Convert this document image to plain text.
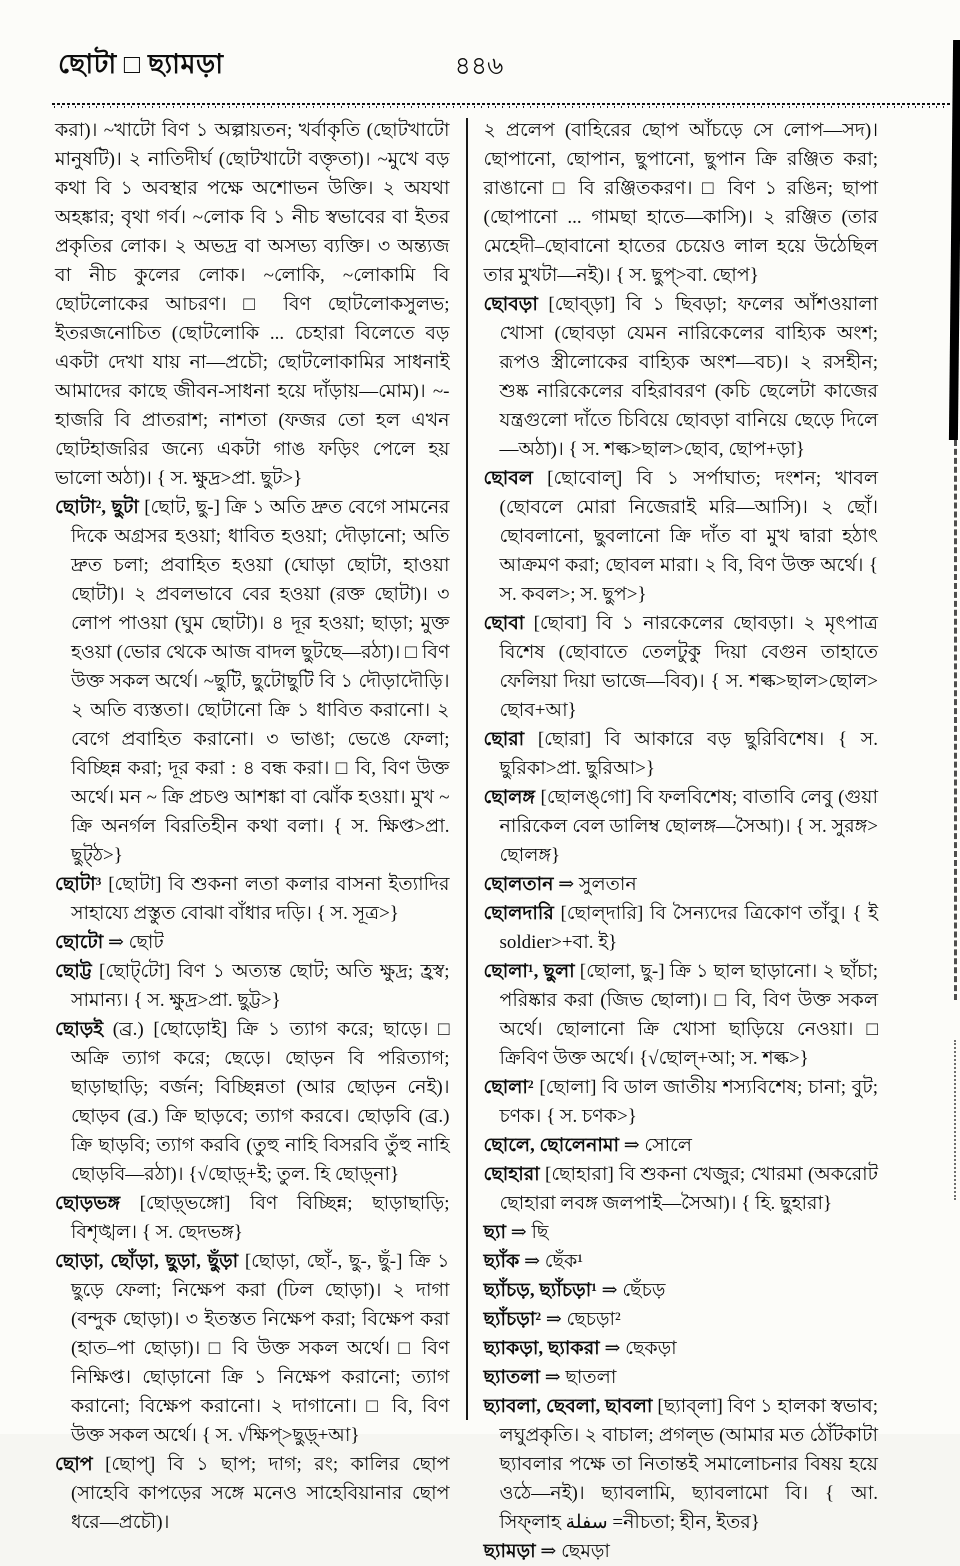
ছোটা □ ছ্যামড়া	৪৪৬

করা)। ~খাটো বিণ ১ অল্পায়তন; খর্বাকৃতি (ছোটখাটো মানুষটি)। ২ নাতিদীর্ঘ (ছোটখাটো বক্তৃতা)। ~মুখে বড় কথা বি ১ অবস্থার পক্ষে অশোভন উক্তি। ২ অযথা অহঙ্কার; বৃথা গর্ব। ~লোক বি ১ নীচ স্বভাবের বা ইতর প্রকৃতির লোক। ২ অভদ্র বা অসভ্য ব্যক্তি। ৩ অন্ত্যজ বা নীচ কুলের লোক। ~লোকি, ~লোকামি বি ছোটলোকের আচরণ। □ বিণ ছোটলোকসুলভ; ইতরজনোচিত (ছোটলোকি ... চেহারা বিলেতে বড় একটা দেখা যায় না—প্রচৌ; ছোটলোকামির সাধনাই আমাদের কাছে জীবন-সাধনা হয়ে দাঁড়ায়—মোম)। ~-হাজরি বি প্রাতরাশ; নাশতা (ফজর তো হল এখন ছোটহাজরির জন্যে একটা গাঙ ফড়িং পেলে হয় ভালো অঠা)। { স. ক্ষুদ্র>প্রা. ছুট>}

ছোটা², ছুটা [ছোট, ছু-] ক্রি ১ অতি দ্রুত বেগে সামনের দিকে অগ্রসর হওয়া; ধাবিত হওয়া; দৌড়ানো; অতি দ্রুত চলা; প্রবাহিত হওয়া (ঘোড়া ছোটা, হাওয়া ছোটা)। ২ প্রবলভাবে বের হওয়া (রক্ত ছোটা)। ৩ লোপ পাওয়া (ঘুম ছোটা)। ৪ দূর হওয়া; ছাড়া; মুক্ত হওয়া (ভোর থেকে আজ বাদল ছুটছে—রঠা)। □ বিণ উক্ত সকল অর্থে। ~ছুটি, ছুটোছুটি বি ১ দৌড়াদৌড়ি। ২ অতি ব্যস্ততা। ছোটানো ক্রি ১ ধাবিত করানো। ২ বেগে প্রবাহিত করানো। ৩ ভাঙা; ভেঙে ফেলা; বিচ্ছিন্ন করা; দূর করা : ৪ বন্ধ করা। □ বি, বিণ উক্ত অর্থে। মন ~ ক্রি প্রচণ্ড আশঙ্কা বা ঝোঁক হওয়া। মুখ ~ ক্রি অনর্গল বিরতিহীন কথা বলা। { স. ক্ষিপ্ত>প্রা. ছুট্ঠ>}

ছোটা³ [ছোটা] বি শুকনা লতা কলার বাসনা ইত্যাদির সাহায্যে প্রস্তুত বোঝা বাঁধার দড়ি। { স. সূত্র>}

ছোটো ⇒ ছোট

ছোট্ট [ছোট্‌টো] বিণ ১ অত্যন্ত ছোট; অতি ক্ষুদ্র; হ্রস্ব; সামান্য। { স. ক্ষুদ্র>প্রা. ছুট্ট>}

ছোড়ই (ব্র.) [ছোড়োই] ক্রি ১ ত্যাগ করে; ছাড়ে। □ অক্রি ত্যাগ করে; ছেড়ে। ছোড়ন বি পরিত্যাগ; ছাড়াছাড়ি; বর্জন; বিচ্ছিন্নতা (আর ছোড়ন নেই)। ছোড়ব (ব্র.) ক্রি ছাড়বে; ত্যাগ করবে। ছোড়বি (ব্র.) ক্রি ছাড়বি; ত্যাগ করবি (তুহু নাহি বিসরবি তুঁহু নাহি ছোড়বি—রঠা)। {√ছোড়্+ই; তুল. হি ছোড়্‌না}

ছোড়ভঙ্গ [ছোড়্‌ভঙ্গো] বিণ বিচ্ছিন্ন; ছাড়াছাড়ি; বিশৃঙ্খল। { স. ছেদভঙ্গ}

ছোড়া, ছোঁড়া, ছুড়া, ছুঁড়া [ছোড়া, ছোঁ-, ছু-, ছুঁ-] ক্রি ১ ছুড়ে ফেলা; নিক্ষেপ করা (ঢিল ছোড়া)। ২ দাগা (বন্দুক ছোড়া)। ৩ ইতস্তত নিক্ষেপ করা; বিক্ষেপ করা (হাত–পা ছোড়া)। □ বি উক্ত সকল অর্থে। □ বিণ নিক্ষিপ্ত। ছোড়ানো ক্রি ১ নিক্ষেপ করানো; ত্যাগ করানো; বিক্ষেপ করানো। ২ দাগানো। □ বি, বিণ উক্ত সকল অর্থে। { স. √ক্ষিপ্>ছুড়্+আ}

ছোপ [ছোপ্] বি ১ ছাপ; দাগ; রং; কালির ছোপ (সাহেবি কাপড়ের সঙ্গে মনেও সাহেবিয়ানার ছোপ ধরে—প্রচৌ)।

২ প্রলেপ (বাহিরের ছোপ আঁচড়ে সে লোপ—সদ)। ছোপানো, ছোপান, ছুপানো, ছুপান ক্রি রঞ্জিত করা; রাঙানো □ বি রঞ্জিতকরণ। □ বিণ ১ রঙিন; ছাপা (ছোপানো ... গামছা হাতে—কাসি)। ২ রঞ্জিত (তার মেহেদী–ছোবানো হাতের চেয়েও লাল হয়ে উঠেছিল তার মুখটা—নই)। { স. ছুপ্>বা. ছোপ}

ছোবড়া [ছোব্‌ড়া] বি ১ ছিবড়া; ফলের আঁশওয়ালা খোসা (ছোবড়া যেমন নারিকেলের বাহ্যিক অংশ; রূপও স্ত্রীলোকের বাহ্যিক অংশ—বচ)। ২ রসহীন; শুষ্ক নারিকেলের বহিরাবরণ (কচি ছেলেটা কাজের যন্ত্রগুলো দাঁতে চিবিয়ে ছোবড়া বানিয়ে ছেড়ে দিলে—অঠা)। { স. শল্ক>ছাল>ছোব, ছোপ+ড়া}

ছোবল [ছোবোল্] বি ১ সর্পাঘাত; দংশন; খাবল (ছোবলে মোরা নিজেরাই মরি—আসি)। ২ ছোঁ। ছোবলানো, ছুবলানো ক্রি দাঁত বা মুখ দ্বারা হঠাৎ আক্রমণ করা; ছোবল মারা। ২ বি, বিণ উক্ত অর্থে। { স. কবল>; স. ছুপ>}

ছোবা [ছোবা] বি ১ নারকেলের ছোবড়া। ২ মৃৎপাত্র বিশেষ (ছোবাতে তেলটুকু দিয়া বেগুন তাহাতে ফেলিয়া দিয়া ভাজে—বিব)। { স. শল্ক>ছাল>ছোল> ছোব+আ}

ছোরা [ছোরা] বি আকারে বড় ছুরিবিশেষ। { স. ছুরিকা>প্রা. ছুরিআ>}

ছোলঙ্গ [ছোলঙ্‌গো] বি ফলবিশেষ; বাতাবি লেবু (গুয়া নারিকেল বেল ডালিম্ব ছোলঙ্গ—সৈআ)। { স. সুরঙ্গ> ছোলঙ্গ}

ছোলতান ⇒ সুলতান

ছোলদারি [ছোল্‌দারি] বি সৈন্যদের ত্রিকোণ তাঁবু। { ই soldier>+বা. ই}

ছোলা¹, ছুলা [ছোলা, ছু-] ক্রি ১ ছাল ছাড়ানো। ২ ছাঁচা; পরিষ্কার করা (জিভ ছোলা)। □ বি, বিণ উক্ত সকল অর্থে। ছোলানো ক্রি খোসা ছাড়িয়ে নেওয়া। □ ক্রিবিণ উক্ত অর্থে। {√ছোল্+আ; স. শল্ক>}

ছোলা² [ছোলা] বি ডাল জাতীয় শস্যবিশেষ; চানা; বুট; চণক। { স. চণক>}

ছোলে, ছোলেনামা ⇒ সোলে

ছোহারা [ছোহারা] বি শুকনা খেজুর; খোরমা (অকরোট ছোহারা লবঙ্গ জলপাই—সৈআ)। { হি. ছুহারা}

ছ্যা ⇒ ছি

ছ্যাঁক ⇒ ছেঁক¹

ছ্যাঁচড়, ছ্যাঁচড়া¹ ⇒ ছেঁচড়

ছ্যাঁচড়া² ⇒ ছেচড়া²

ছ্যাকড়া, ছ্যাকরা ⇒ ছেকড়া

ছ্যাতলা ⇒ ছাতলা

ছ্যাবলা, ছেবলা, ছাবলা [ছ্যাব্‌লা] বিণ ১ হালকা স্বভাব; লঘুপ্রকৃতি। ২ বাচাল; প্রগল্‌ভ (আমার মত ঠোঁটকাটা ছ্যাবলার পক্ষে তা নিতান্তই সমালোচনার বিষয় হয়ে ওঠে—নই)। ছ্যাবলামি, ছ্যাবলামো বি। { আ. সিফ্‌লাহ سفلة =নীচতা; হীন, ইতর}

ছ্যামড়া ⇒ ছেমড়া
